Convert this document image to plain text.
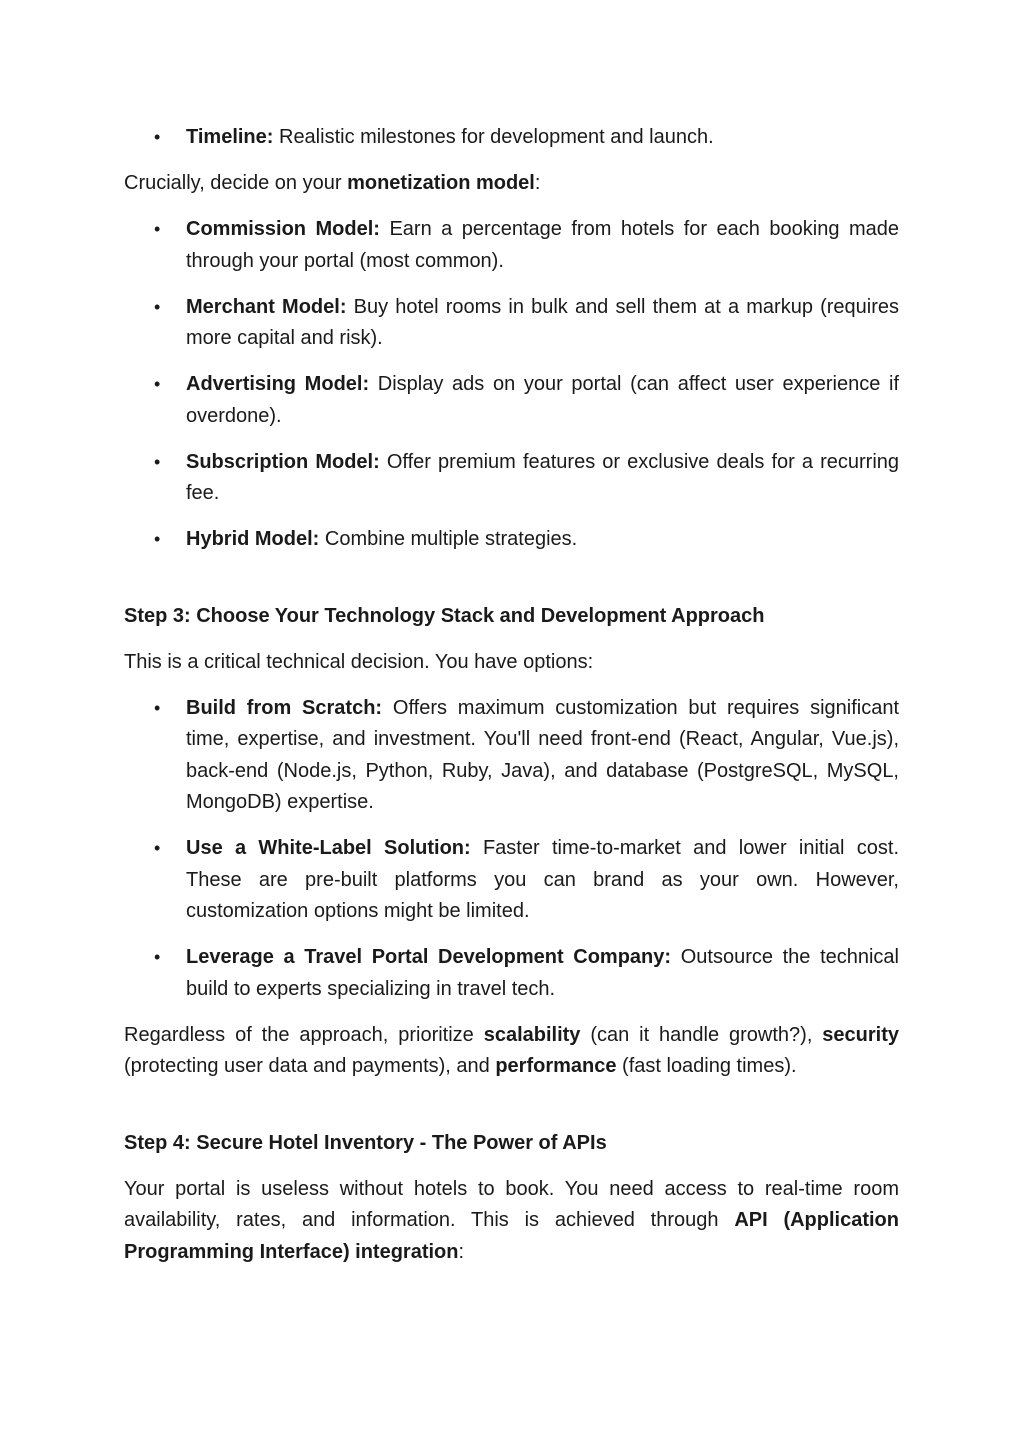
• Timeline: Realistic milestones for development and launch.

Crucially, decide on your monetization model:

• Commission Model: Earn a percentage from hotels for each booking made through your portal (most common).
• Merchant Model: Buy hotel rooms in bulk and sell them at a markup (requires more capital and risk).
• Advertising Model: Display ads on your portal (can affect user experience if overdone).
• Subscription Model: Offer premium features or exclusive deals for a recurring fee.
• Hybrid Model: Combine multiple strategies.
Step 3: Choose Your Technology Stack and Development Approach

This is a critical technical decision. You have options:

• Build from Scratch: Offers maximum customization but requires significant time, expertise, and investment. You'll need front-end (React, Angular, Vue.js), back-end (Node.js, Python, Ruby, Java), and database (PostgreSQL, MySQL, MongoDB) expertise.
• Use a White-Label Solution: Faster time-to-market and lower initial cost. These are pre-built platforms you can brand as your own. However, customization options might be limited.
• Leverage a Travel Portal Development Company: Outsource the technical build to experts specializing in travel tech.

Regardless of the approach, prioritize scalability (can it handle growth?), security (protecting user data and payments), and performance (fast loading times).

Step 4: Secure Hotel Inventory - The Power of APIs

Your portal is useless without hotels to book. You need access to real-time room availability, rates, and information. This is achieved through API (Application Programming Interface) integration:
